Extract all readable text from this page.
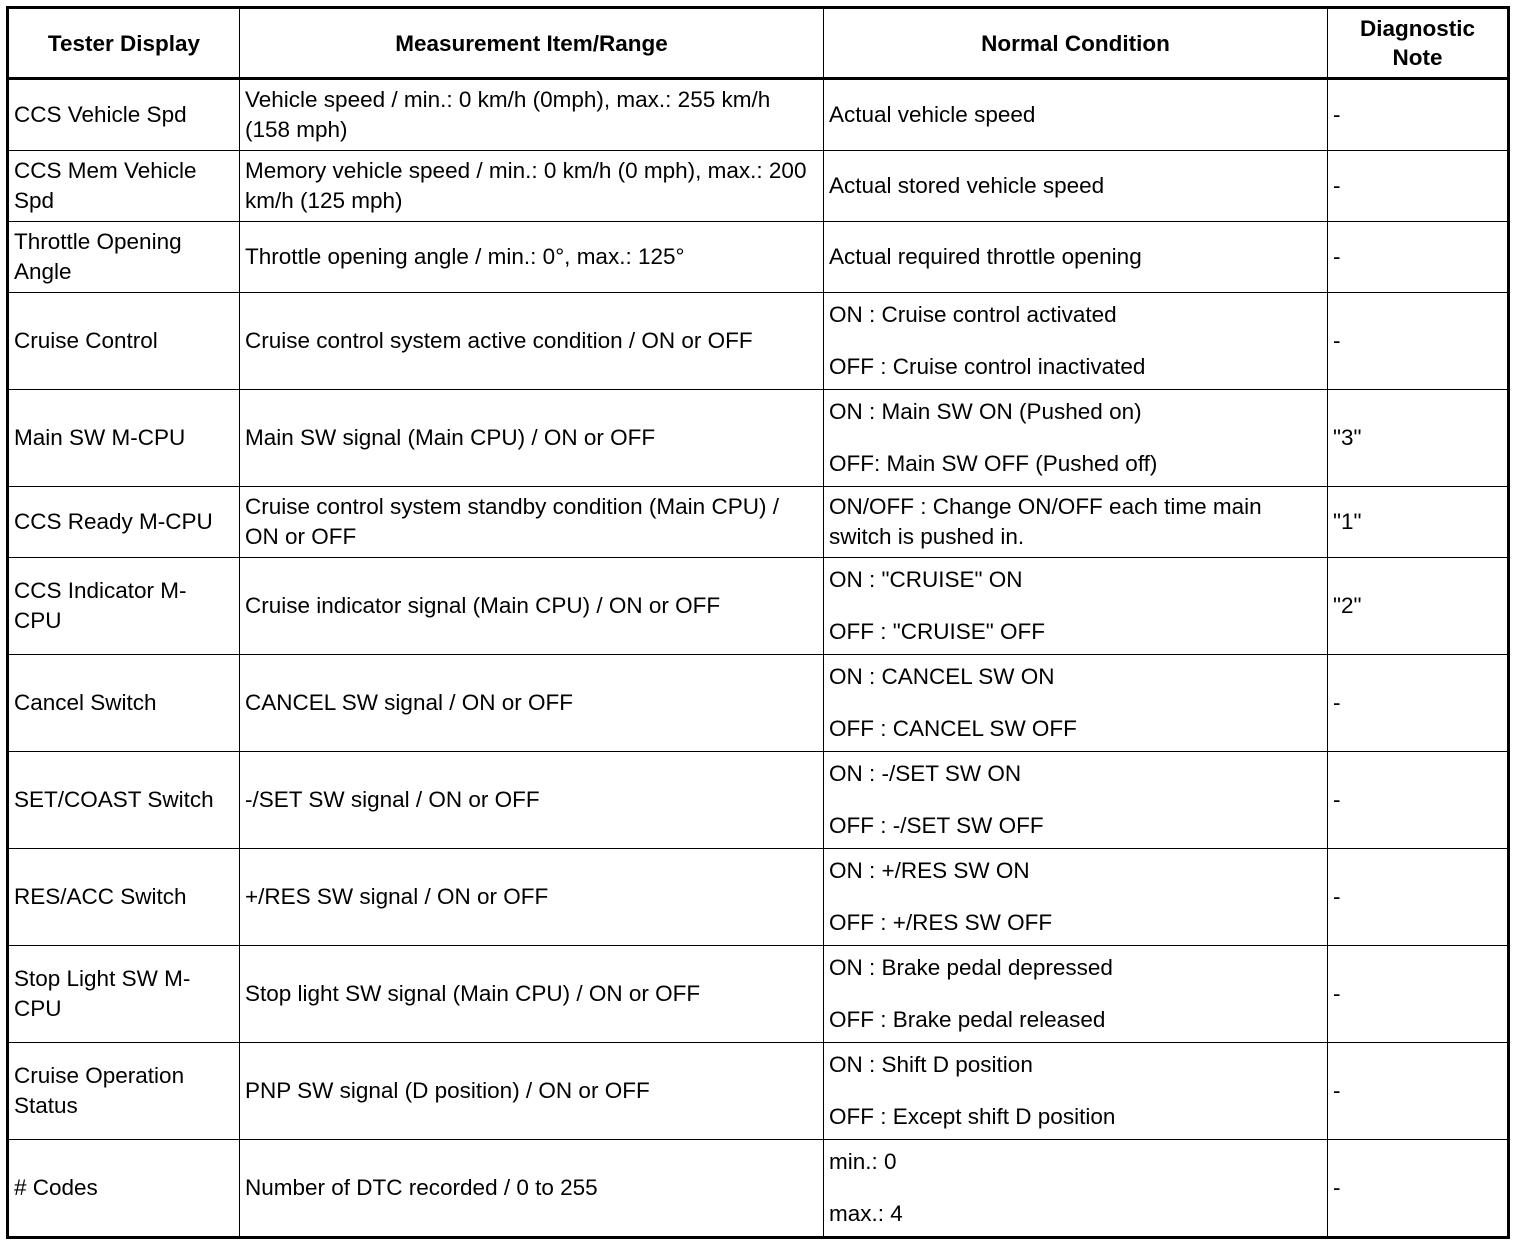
Tester Display	Measurement Item/Range	Normal Condition	Diagnostic
Note
CCS Vehicle Spd	Vehicle speed / min.: 0 km/h (0mph), max.: 255 km/h (158 mph)	Actual vehicle speed	-
CCS Mem Vehicle Spd	Memory vehicle speed / min.: 0 km/h (0 mph), max.: 200 km/h (125 mph)	Actual stored vehicle speed	-
Throttle Opening Angle	Throttle opening angle / min.: 0°, max.: 125°	Actual required throttle opening	-
Cruise Control	Cruise control system active condition / ON or OFF	ON : Cruise control activated
OFF : Cruise control inactivated	-
Main SW M-CPU	Main SW signal (Main CPU) / ON or OFF	ON : Main SW ON (Pushed on)
OFF: Main SW OFF (Pushed off)	"3"
CCS Ready M-CPU	Cruise control system standby condition (Main CPU) / ON or OFF	ON/OFF : Change ON/OFF each time main switch is pushed in.	"1"
CCS Indicator M-CPU	Cruise indicator signal (Main CPU) / ON or OFF	ON : "CRUISE" ON
OFF : "CRUISE" OFF	"2"
Cancel Switch	CANCEL SW signal / ON or OFF	ON : CANCEL SW ON
OFF : CANCEL SW OFF	-
SET/COAST Switch	-/SET SW signal / ON or OFF	ON : -/SET SW ON
OFF : -/SET SW OFF	-
RES/ACC Switch	+/RES SW signal / ON or OFF	ON : +/RES SW ON
OFF : +/RES SW OFF	-
Stop Light SW M-CPU	Stop light SW signal (Main CPU) / ON or OFF	ON : Brake pedal depressed
OFF : Brake pedal released	-
Cruise Operation Status	PNP SW signal (D position) / ON or OFF	ON : Shift D position
OFF : Except shift D position	-
# Codes	Number of DTC recorded / 0 to 255	min.: 0
max.: 4	-
